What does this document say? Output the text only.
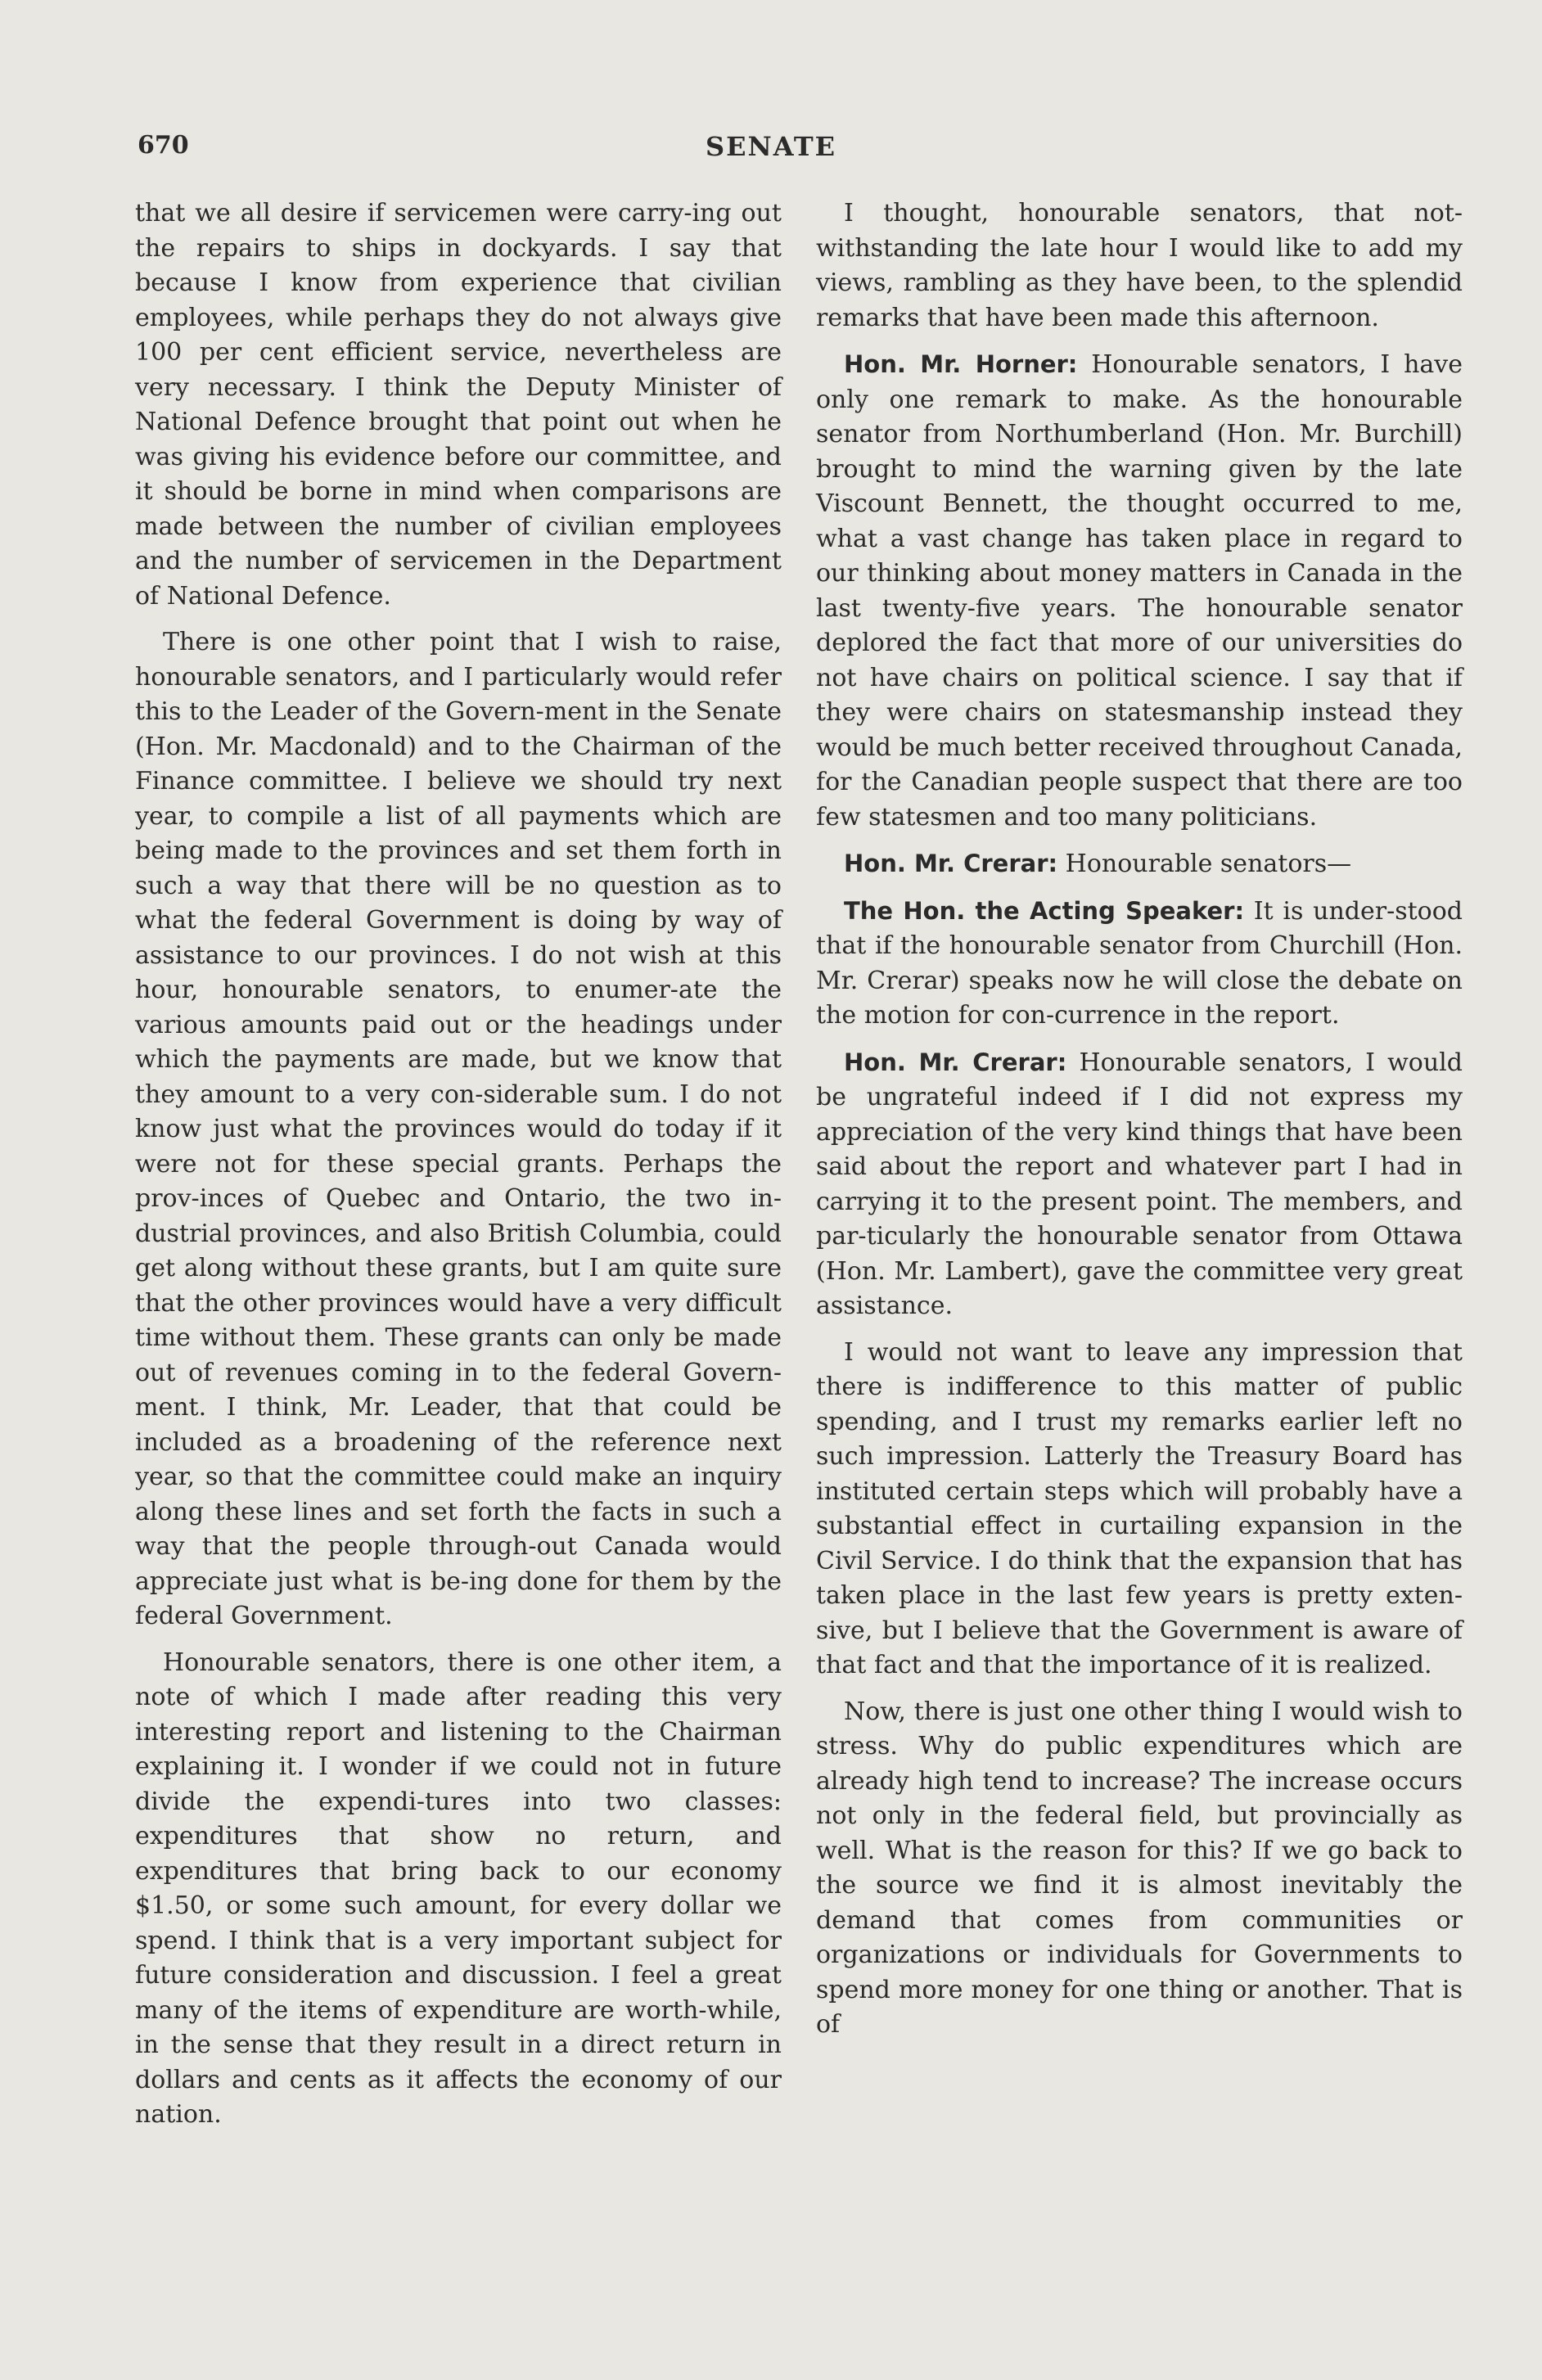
670	SENATE

that we all desire if servicemen were carry-ing out the repairs to ships in dockyards. I say that because I know from experience that civilian employees, while perhaps they do not always give 100 per cent efficient service, nevertheless are very necessary. I think the Deputy Minister of National Defence brought that point out when he was giving his evidence before our committee, and it should be borne in mind when comparisons are made between the number of civilian employees and the number of servicemen in the Department of National Defence.

There is one other point that I wish to raise, honourable senators, and I particularly would refer this to the Leader of the Govern-ment in the Senate (Hon. Mr. Macdonald) and to the Chairman of the Finance committee. I believe we should try next year, to compile a list of all payments which are being made to the provinces and set them forth in such a way that there will be no question as to what the federal Government is doing by way of assistance to our provinces. I do not wish at this hour, honourable senators, to enumer-ate the various amounts paid out or the headings under which the payments are made, but we know that they amount to a very con-siderable sum. I do not know just what the provinces would do today if it were not for these special grants. Perhaps the prov-inces of Quebec and Ontario, the two in-dustrial provinces, and also British Columbia, could get along without these grants, but I am quite sure that the other provinces would have a very difficult time without them. These grants can only be made out of revenues coming in to the federal Govern-ment. I think, Mr. Leader, that that could be included as a broadening of the reference next year, so that the committee could make an inquiry along these lines and set forth the facts in such a way that the people through-out Canada would appreciate just what is be-ing done for them by the federal Government.

Honourable senators, there is one other item, a note of which I made after reading this very interesting report and listening to the Chairman explaining it. I wonder if we could not in future divide the expendi-tures into two classes: expenditures that show no return, and expenditures that bring back to our economy $1.50, or some such amount, for every dollar we spend. I think that is a very important subject for future consideration and discussion. I feel a great many of the items of expenditure are worth-while, in the sense that they result in a direct return in dollars and cents as it affects the economy of our nation.

I thought, honourable senators, that not-withstanding the late hour I would like to add my views, rambling as they have been, to the splendid remarks that have been made this afternoon.

Hon. Mr. Horner: Honourable senators, I have only one remark to make. As the honourable senator from Northumberland (Hon. Mr. Burchill) brought to mind the warning given by the late Viscount Bennett, the thought occurred to me, what a vast change has taken place in regard to our thinking about money matters in Canada in the last twenty-five years. The honourable senator deplored the fact that more of our universities do not have chairs on political science. I say that if they were chairs on statesmanship instead they would be much better received throughout Canada, for the Canadian people suspect that there are too few statesmen and too many politicians.

Hon. Mr. Crerar: Honourable senators—

The Hon. the Acting Speaker: It is under-stood that if the honourable senator from Churchill (Hon. Mr. Crerar) speaks now he will close the debate on the motion for con-currence in the report.

Hon. Mr. Crerar: Honourable senators, I would be ungrateful indeed if I did not express my appreciation of the very kind things that have been said about the report and whatever part I had in carrying it to the present point. The members, and par-ticularly the honourable senator from Ottawa (Hon. Mr. Lambert), gave the committee very great assistance.

I would not want to leave any impression that there is indifference to this matter of public spending, and I trust my remarks earlier left no such impression. Latterly the Treasury Board has instituted certain steps which will probably have a substantial effect in curtailing expansion in the Civil Service. I do think that the expansion that has taken place in the last few years is pretty exten-sive, but I believe that the Government is aware of that fact and that the importance of it is realized.

Now, there is just one other thing I would wish to stress. Why do public expenditures which are already high tend to increase? The increase occurs not only in the federal field, but provincially as well. What is the reason for this? If we go back to the source we find it is almost inevitably the demand that comes from communities or organizations or individuals for Governments to spend more money for one thing or another. That is of
